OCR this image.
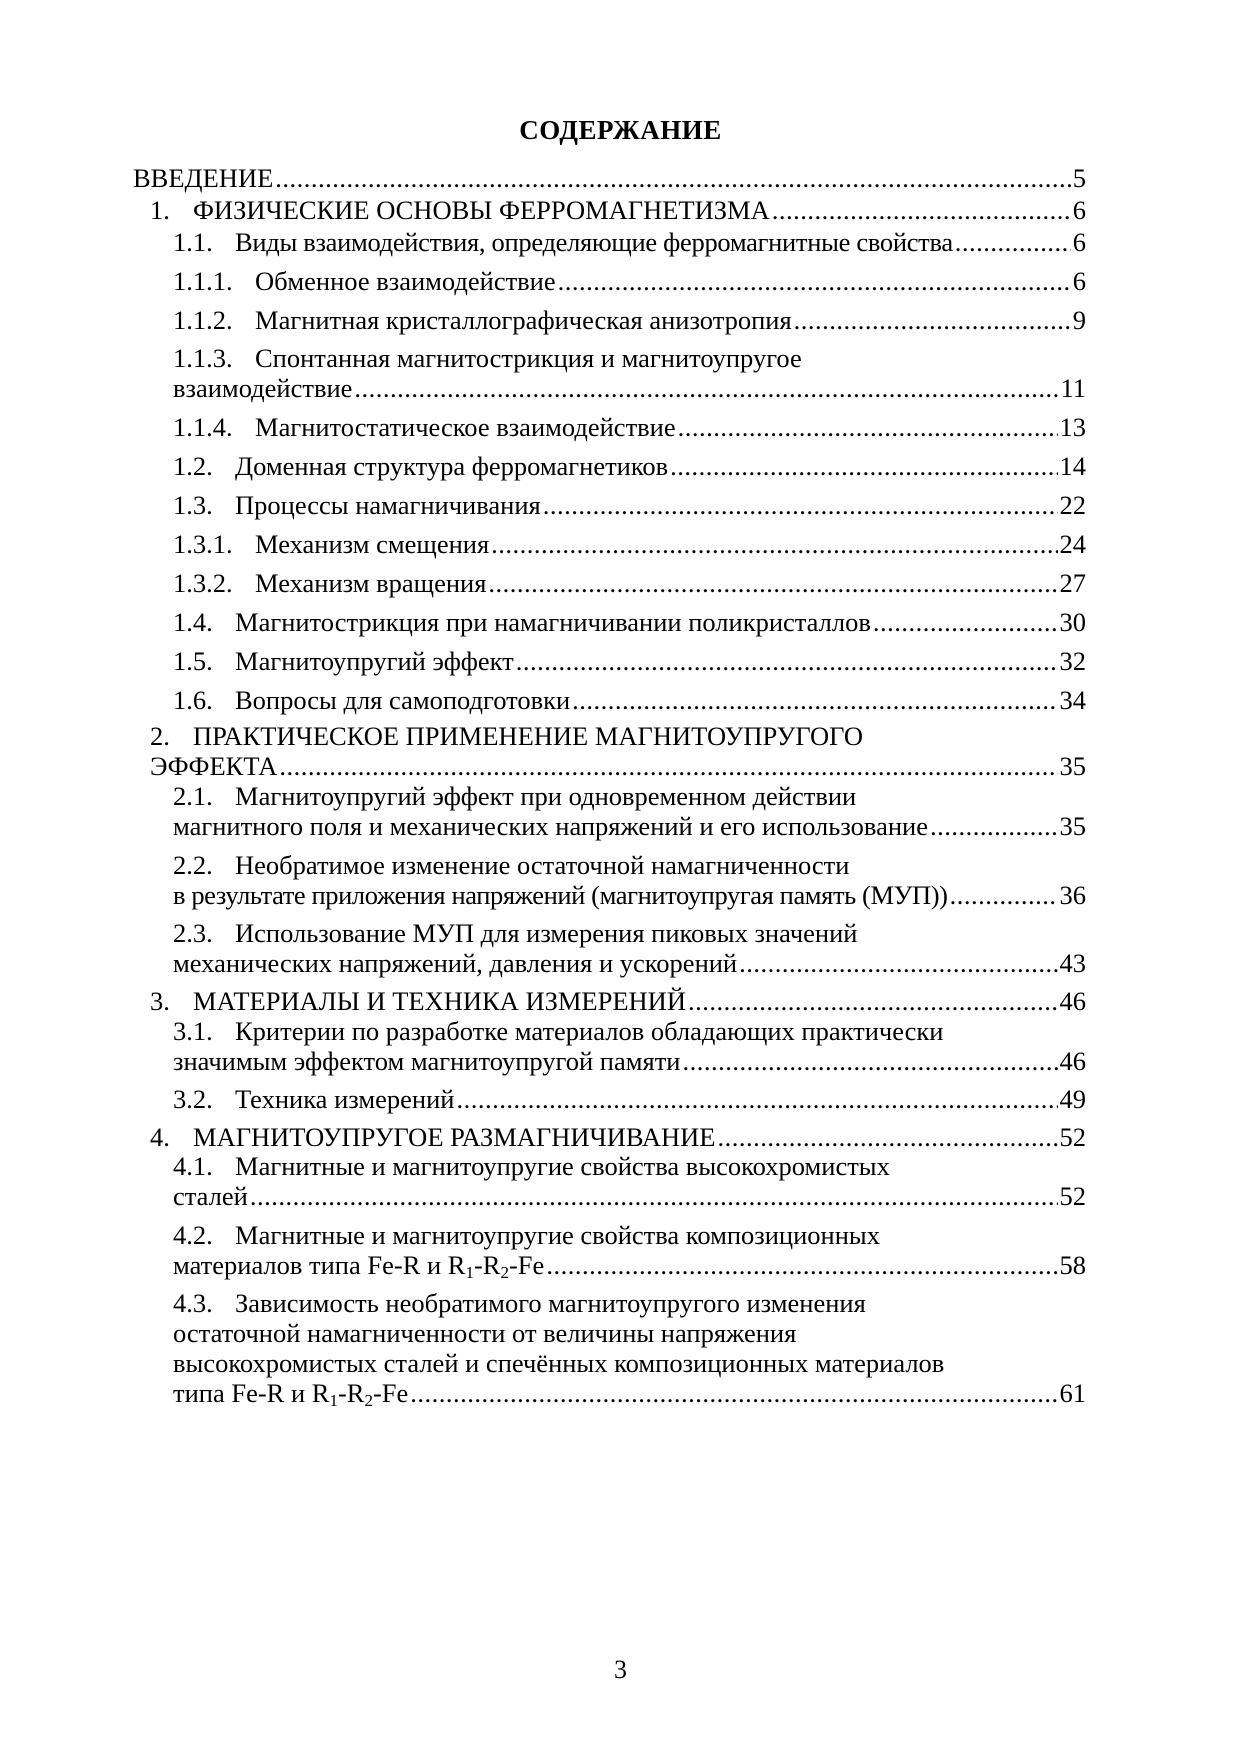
СОДЕРЖАНИЕ
ВВЕДЕНИЕ .....	5
1. ФИЗИЧЕСКИЕ ОСНОВЫ ФЕРРОМАГНЕТИЗМА .....	6
1.1. Виды взаимодействия, определяющие ферромагнитные свойства .....	6
1.1.1. Обменное взаимодействие .....	6
1.1.2. Магнитная кристаллографическая анизотропия .....	9
1.1.3. Спонтанная магнитострикция и магнитоупругое
взаимодействие .....	11
1.1.4. Магнитостатическое взаимодействие .....	13
1.2. Доменная структура ферромагнетиков .....	14
1.3. Процессы намагничивания .....	22
1.3.1. Механизм смещения .....	24
1.3.2. Механизм вращения .....	27
1.4. Магнитострикция при намагничивании поликристаллов .....	30
1.5. Магнитоупругий эффект .....	32
1.6. Вопросы для самоподготовки .....	34
2. ПРАКТИЧЕСКОЕ ПРИМЕНЕНИЕ МАГНИТОУПРУГОГО
ЭФФЕКТА .....	35
2.1. Магнитоупругий эффект при одновременном действии
магнитного поля и механических напряжений и его использование .....	35
2.2. Необратимое изменение остаточной намагниченности
в результате приложения напряжений (магнитоупругая память (МУП)) .....	36
2.3. Использование МУП для измерения пиковых значений
механических напряжений, давления и ускорений .....	43
3. МАТЕРИАЛЫ И ТЕХНИКА ИЗМЕРЕНИЙ .....	46
3.1. Критерии по разработке материалов обладающих практически
значимым эффектом магнитоупругой памяти .....	46
3.2. Техника измерений .....	49
4. МАГНИТОУПРУГОЕ РАЗМАГНИЧИВАНИЕ .....	52
4.1. Магнитные и магнитоупругие свойства высокохромистых
сталей .....	52
4.2. Магнитные и магнитоупругие свойства композиционных
материалов типа Fe-R и $R_1-R_2-Fe$ .....	58
4.3. Зависимость необратимого магнитоупругого изменения
остаточной намагниченности от величины напряжения
высокохромистых сталей и спечённых композиционных материалов
типа Fe-R и $R_1-R_2-Fe$ .....	61
3
